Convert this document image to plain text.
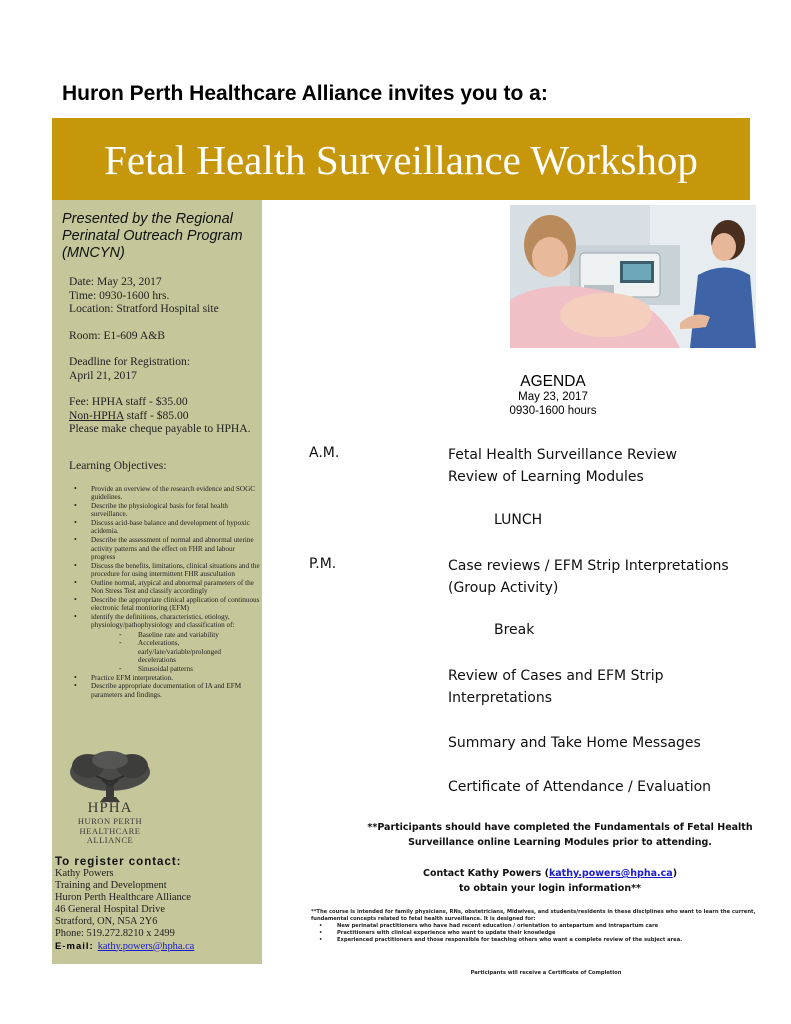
Huron Perth Healthcare Alliance invites you to a:
Fetal Health Surveillance Workshop
Presented by the Regional Perinatal Outreach Program (MNCYN)

Date: May 23, 2017

Time: 0930-1600 hrs.

Location: Stratford Hospital site

Room: E1-609 A&B

Deadline for Registration:

April 21, 2017

Fee: HPHA staff - $35.00

Non-HPHA staff - $85.00

Please make cheque payable to HPHA.

Learning Objectives:
• Provide an overview of the research evidence and SOGC guidelines.
• Describe the physiological basis for fetal health surveillance.
• Discuss acid-base balance and development of hypoxic acidemia.
• Describe the assessment of normal and abnormal uterine activity patterns and the effect on FHR and labour progress
• Discuss the benefits, limitations, clinical situations and the procedure for using intermittent FHR auscultation
• Outline normal, atypical and abnormal parameters of the Non Stress Test and classify accordingly
• Describe the appropriate clinical application of continuous electronic fetal monitoring (EFM)
• identify the definitions, characteristics, etiology, physiology/pathophysiology and classification of:
- Baseline rate and variability
- Accelerations, early/late/variable/prolonged decelerations
- Sinusoidal patterns
• Practice EFM interpretation.
• Describe appropriate documentation of IA and EFM parameters and findings.
HPHA
HURON PERTH
HEALTHCARE
ALLIANCE
To register contact:
Kathy Powers
Training and Development
Huron Perth Healthcare Alliance
46 General Hospital Drive
Stratford, ON, N5A 2Y6
Phone: 519.272.8210 x 2499
E-mail: kathy.powers@hpha.ca
AGENDA
May 23, 2017
0930-1600 hours
A.M.	Fetal Health Surveillance Review
Review of Learning Modules
LUNCH
P.M.	Case reviews / EFM Strip Interpretations
(Group Activity)
Break
Review of Cases and EFM Strip
Interpretations
Summary and Take Home Messages
Certificate of Attendance / Evaluation
**Participants should have completed the Fundamentals of Fetal Health
Surveillance online Learning Modules prior to attending.
Contact Kathy Powers (kathy.powers@hpha.ca)
to obtain your login information**
**The course is intended for family physicians, RNs, obstetricians, Midwives, and students/residents in these disciplines who want to learn the current, fundamental concepts related to fetal health surveillance. It is designed for:
• New perinatal practitioners who have had recent education / orientation to antepartum and intrapartum care
• Practitioners with clinical experience who want to update their knowledge
• Experienced practitioners and those responsible for teaching others who want a complete review of the subject area.
Participants will receive a Certificate of Completion
